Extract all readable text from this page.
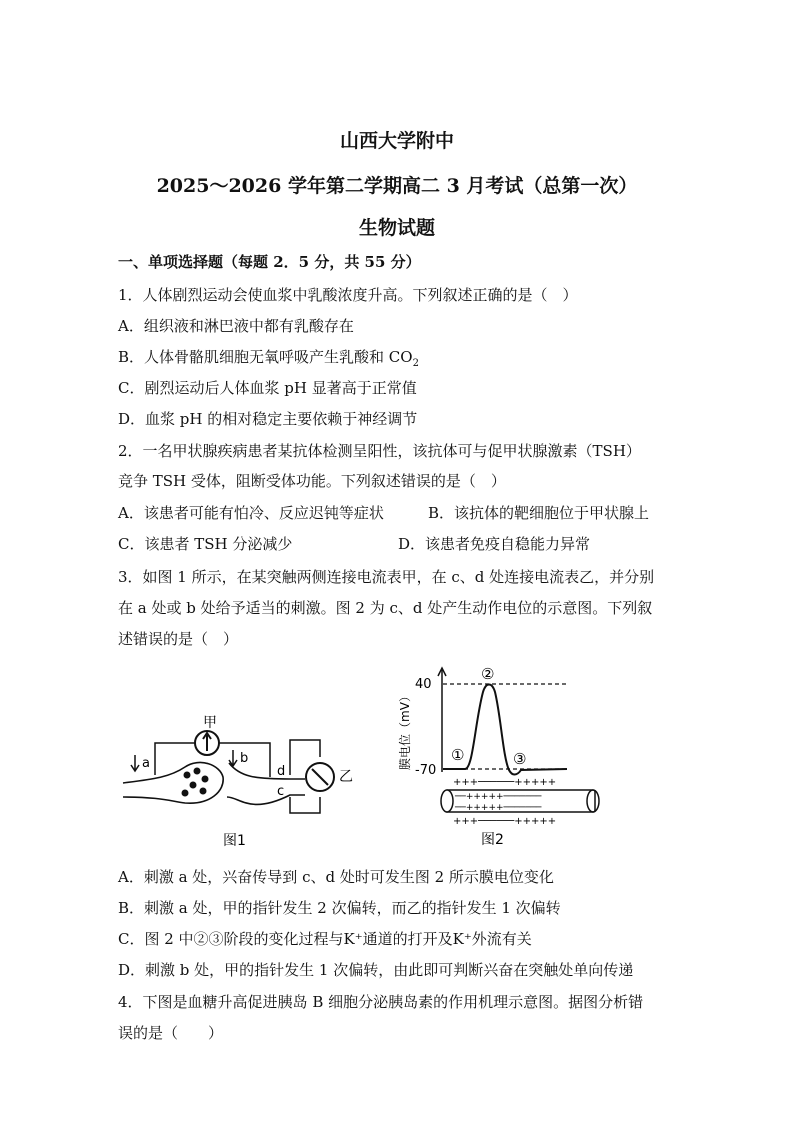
山西大学附中
2025～2026 学年第二学期高二 3 月考试（总第一次）
生物试题
一、单项选择题（每题 2．5 分，共 55 分）
1．人体剧烈运动会使血浆中乳酸浓度升高。下列叙述正确的是（　）
A．组织液和淋巴液中都有乳酸存在
B．人体骨骼肌细胞无氧呼吸产生乳酸和 $CO_2$
C．剧烈运动后人体血浆 pH 显著高于正常值
D．血浆 pH 的相对稳定主要依赖于神经调节
2．一名甲状腺疾病患者某抗体检测呈阳性，该抗体可与促甲状腺激素（TSH）
竞争 TSH 受体，阻断受体功能。下列叙述错误的是（　）
A．该患者可能有怕冷、反应迟钝等症状	B．该抗体的靶细胞位于甲状腺上
C．该患者 TSH 分泌减少	D．该患者免疫自稳能力异常
3．如图 1 所示，在某突触两侧连接电流表甲，在 c、d 处连接电流表乙，并分别
在 a 处或 b 处给予适当的刺激。图 2 为 c、d 处产生动作电位的示意图。下列叙
述错误的是（　）
甲
a	b
乙
d
c
图1
膜电位（mV）
40
-70
①
②
③
+++──────+++++
──+++++───────
──+++++───────
+++──────+++++
图2
A．刺激 a 处，兴奋传导到 c、d 处时可发生图 2 所示膜电位变化
B．刺激 a 处，甲的指针发生 2 次偏转，而乙的指针发生 1 次偏转
C．图 2 中②③阶段的变化过程与K⁺通道的打开及K⁺外流有关
D．刺激 b 处，甲的指针发生 1 次偏转，由此即可判断兴奋在突触处单向传递
4．下图是血糖升高促进胰岛 B 细胞分泌胰岛素的作用机理示意图。据图分析错
误的是（　　）
